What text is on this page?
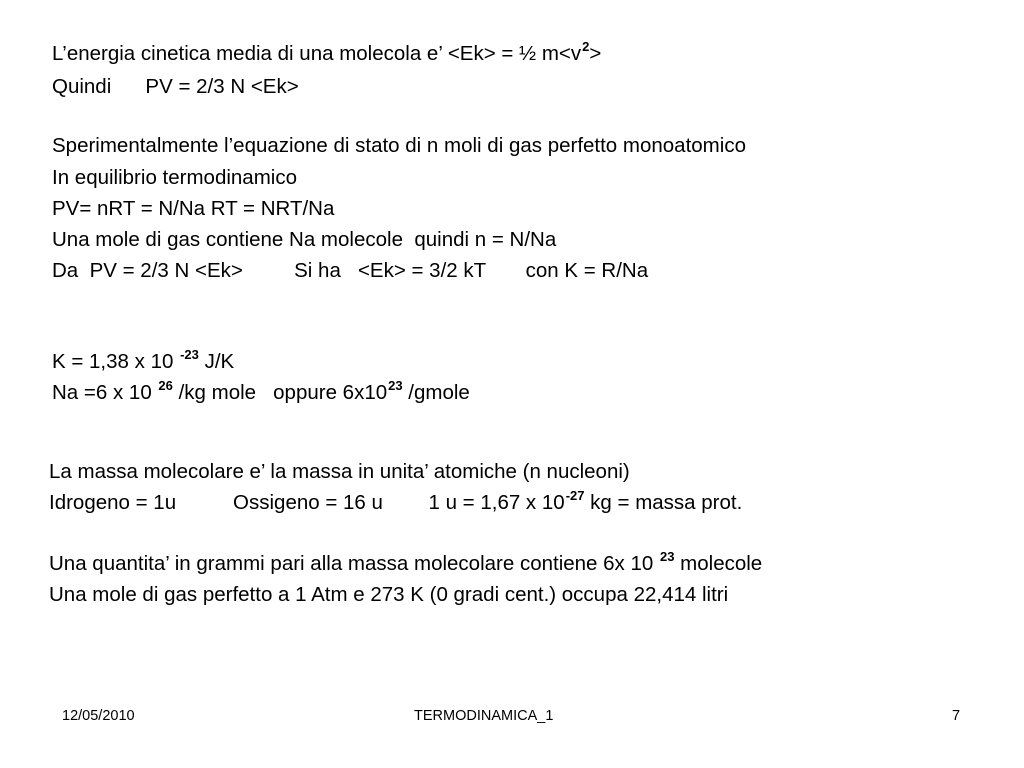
L’energia cinetica media di una molecola e’ <Ek> = ½ $m<v^2>$
Quindi      PV = 2/3 N <Ek>
Sperimentalmente l’equazione di stato di n moli di gas perfetto monoatomico
In equilibrio termodinamico
PV= nRT = N/Na RT = NRT/Na
Una mole di gas contiene Na molecole  quindi n = N/Na
Da  PV = 2/3 N <Ek>         Si ha   <Ek> = 3/2 kT       con K = R/Na
K = 1,38 x 10 $^{-23}$ J/K
Na =6 x 10 $^{26}$ /kg mole   oppure $6x10^{23}$ /gmole
La massa molecolare e’ la massa in unita’ atomiche (n nucleoni)
Idrogeno = 1u          Ossigeno = 16 u        1 u = 1,67 x $10^{-27}$ kg = massa prot.
Una quantita’ in grammi pari alla massa molecolare contiene 6x 10 $^{23}$ molecole
Una mole di gas perfetto a 1 Atm e 273 K (0 gradi cent.) occupa 22,414 litri
12/05/2010	TERMODINAMICA_1	7
